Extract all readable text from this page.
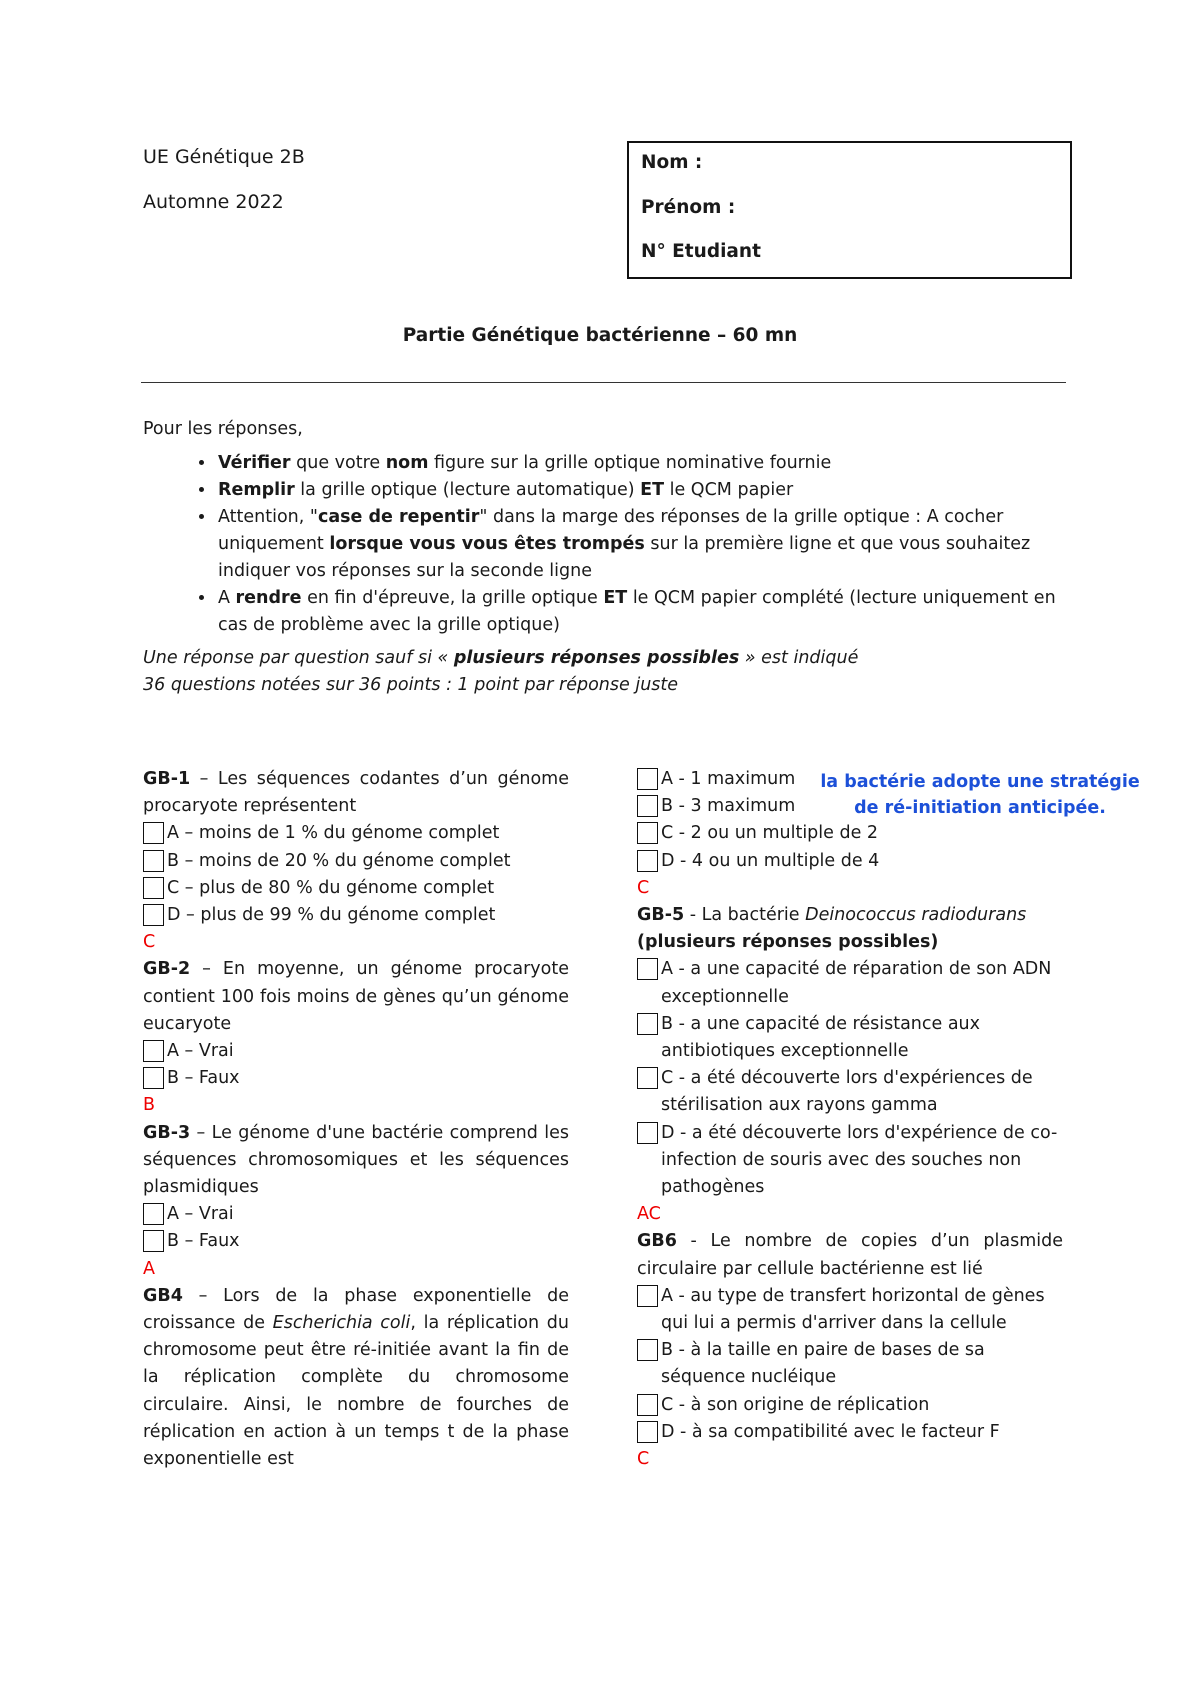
UE Génétique 2B
Automne 2022
Nom :
Prénom :
N° Etudiant
Partie Génétique bactérienne – 60 mn
Pour les réponses,
• Vérifier que votre nom figure sur la grille optique nominative fournie
• Remplir la grille optique (lecture automatique) ET le QCM papier
• Attention, "case de repentir" dans la marge des réponses de la grille optique : A cocher uniquement lorsque vous vous êtes trompés sur la première ligne et que vous souhaitez indiquer vos réponses sur la seconde ligne
• A rendre en fin d'épreuve, la grille optique ET le QCM papier complété (lecture uniquement en cas de problème avec la grille optique)
Une réponse par question sauf si « plusieurs réponses possibles » est indiqué
36 questions notées sur 36 points : 1 point par réponse juste

GB-1 – Les séquences codantes d’un génome procaryote représentent

A – moins de 1 % du génome complet
B – moins de 20 % du génome complet
C – plus de 80 % du génome complet
D – plus de 99 % du génome complet

C

GB-2 – En moyenne, un génome procaryote contient 100 fois moins de gènes qu’un génome eucaryote

A – Vrai
B – Faux

B

GB-3 – Le génome d'une bactérie comprend les séquences chromosomiques et les séquences plasmidiques

A – Vrai
B – Faux

A

GB4 – Lors de la phase exponentielle de croissance de Escherichia coli, la réplication du chromosome peut être ré-initiée avant la fin de la réplication complète du chromosome circulaire. Ainsi, le nombre de fourches de réplication en action à un temps t de la phase exponentielle est

A - 1 maximum
B - 3 maximum
C - 2 ou un multiple de 2
D - 4 ou un multiple de 4

C

GB-5 - La bactérie Deinococcus radiodurans
(plusieurs réponses possibles)

A - a une capacité de réparation de son ADN exceptionnelle
B - a une capacité de résistance aux antibiotiques exceptionnelle
C - a été découverte lors d'expériences de stérilisation aux rayons gamma
D - a été découverte lors d'expérience de co-infection de souris avec des souches non pathogènes

AC

GB6 - Le nombre de copies d’un plasmide circulaire par cellule bactérienne est lié

A - au type de transfert horizontal de gènes qui lui a permis d'arriver dans la cellule
B - à la taille en paire de bases de sa séquence nucléique
C - à son origine de réplication
D - à sa compatibilité avec le facteur F

C

la bactérie adopte une stratégie de ré-initiation anticipée.
